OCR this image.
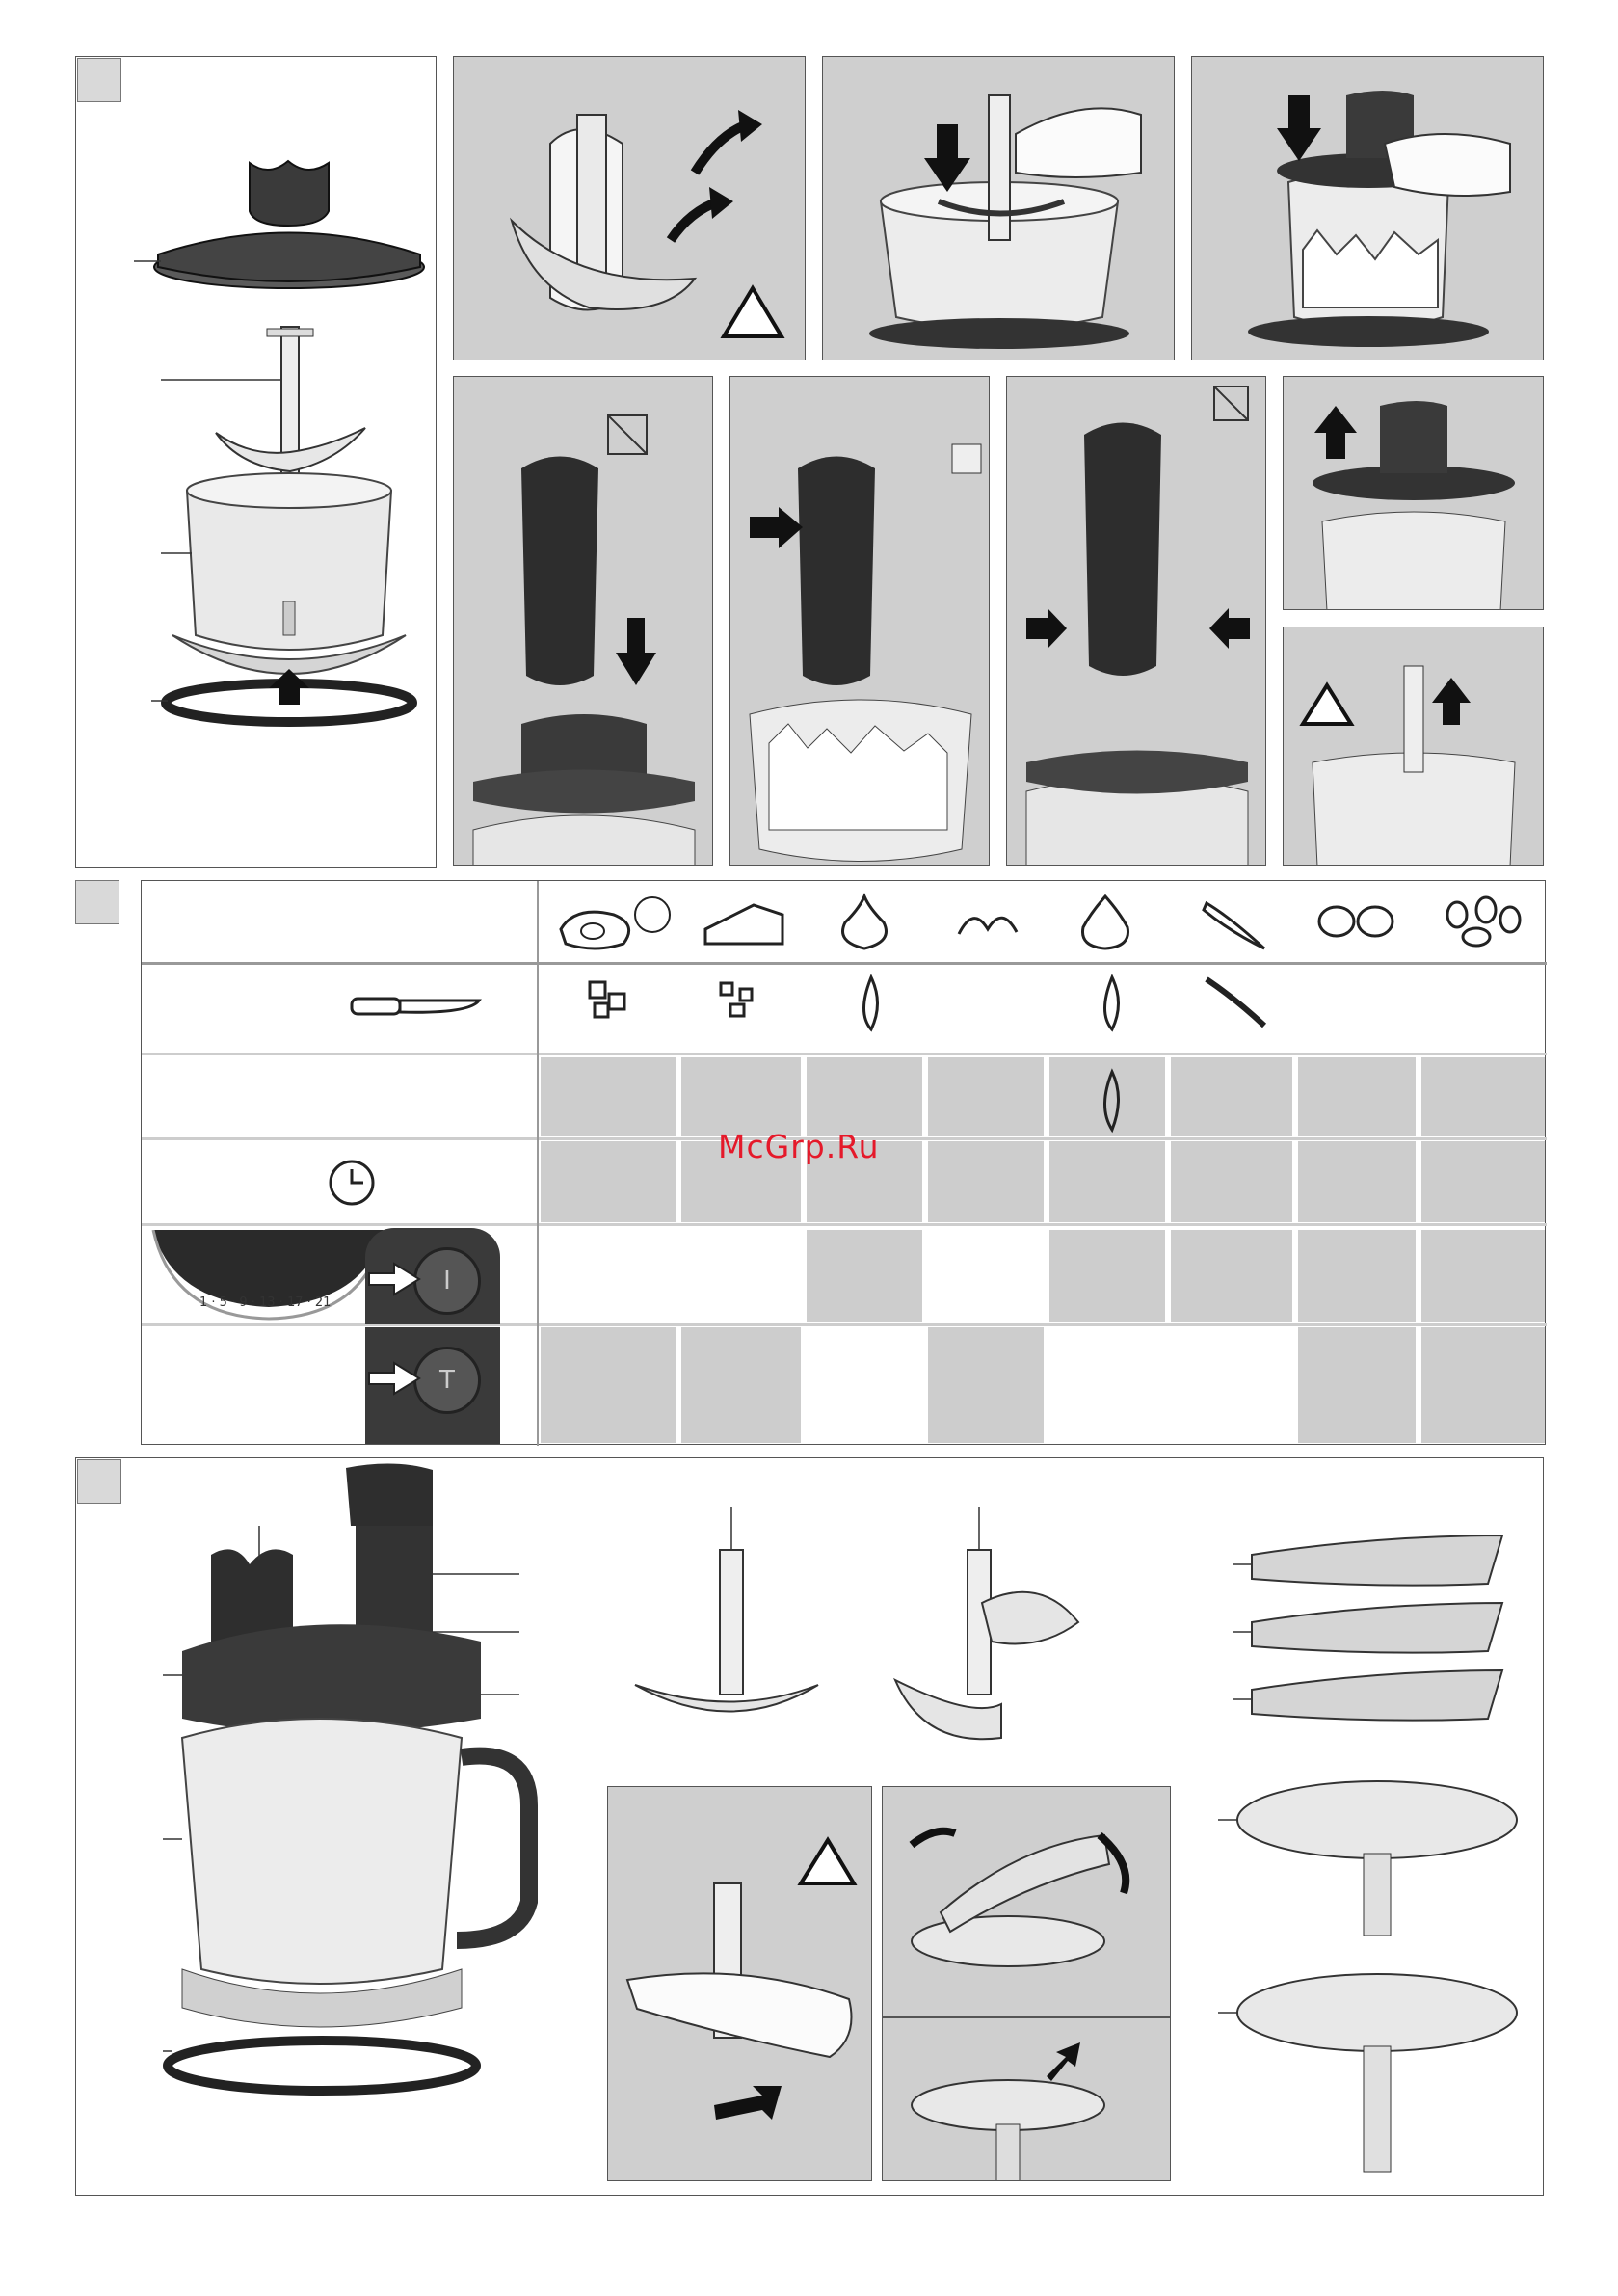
1 · 5 · 9 · 13 · 17 · 21
I
T
McGrp.Ru
